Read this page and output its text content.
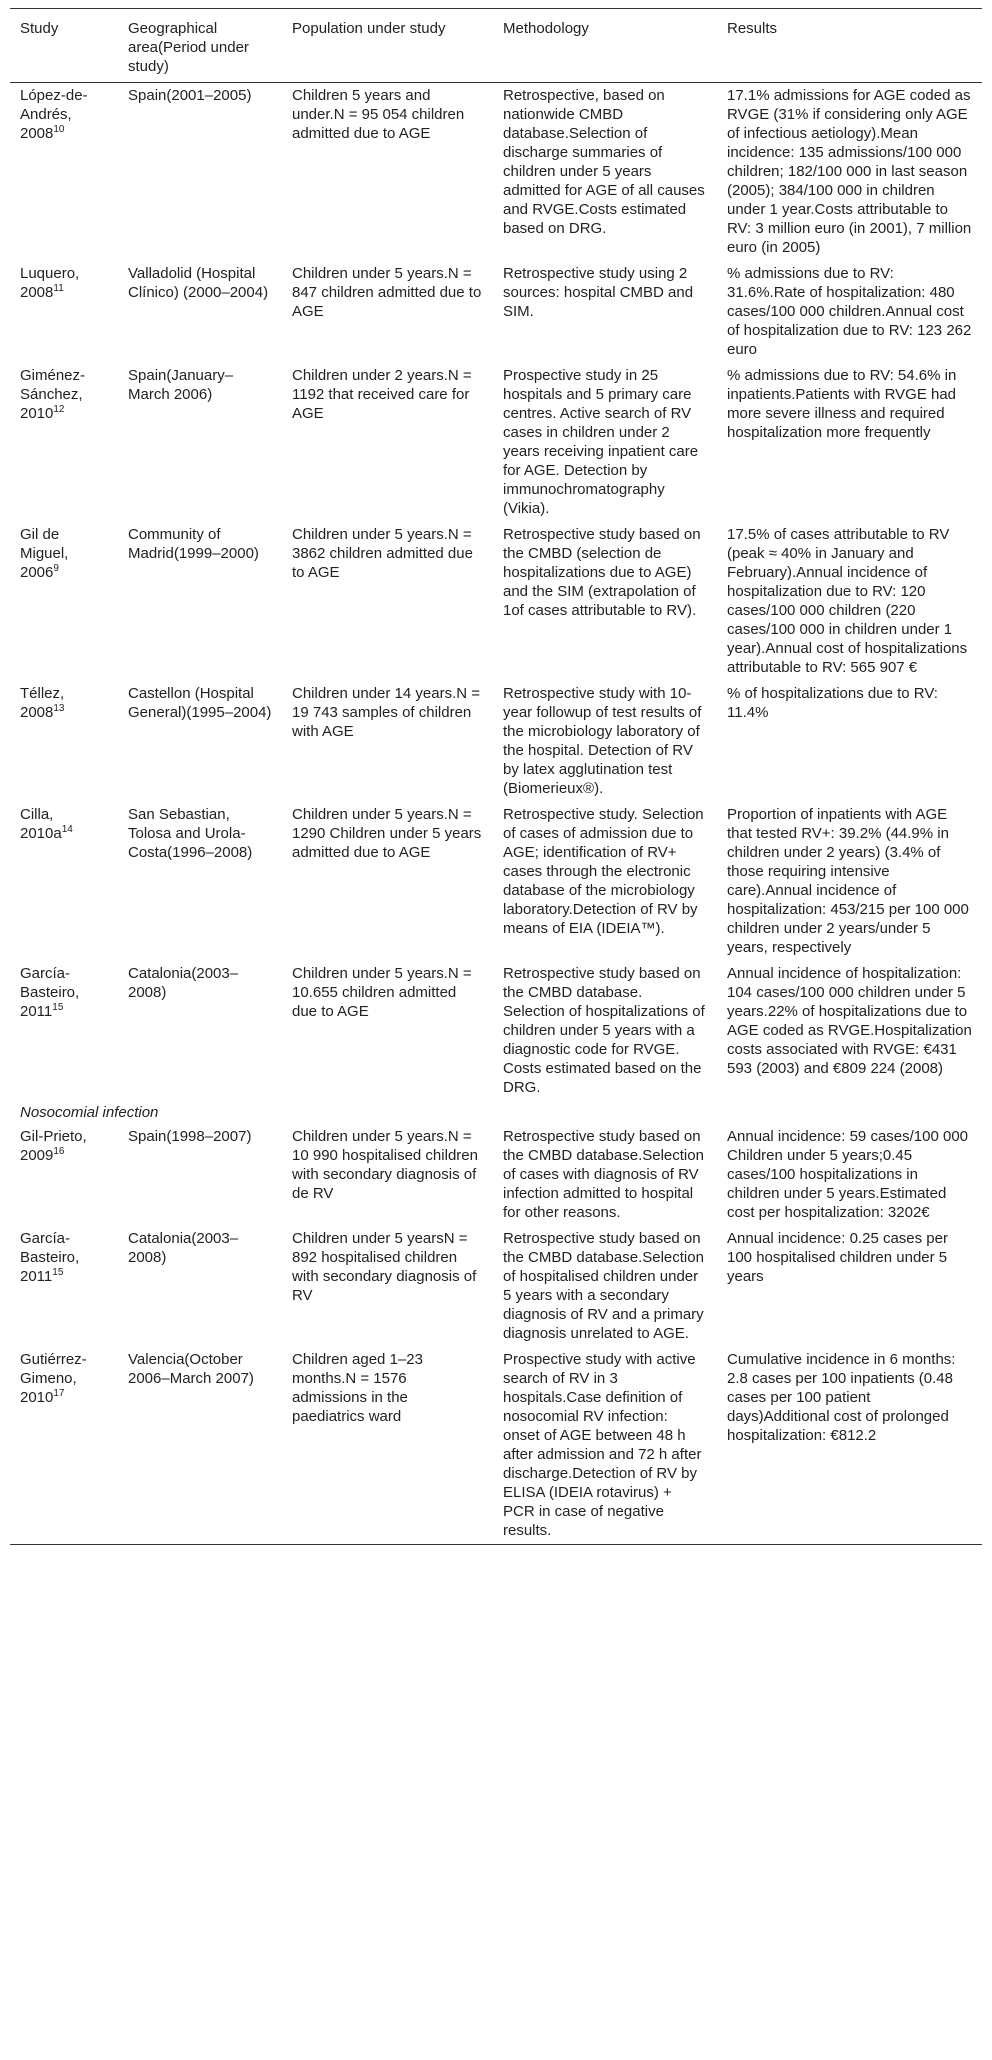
Study	Geographical area(Period under study)	Population under study	Methodology	Results
López-de-Andrés, 2008$^{10}$	Spain(2001–2005)	Children 5 years and under.N = 95 054 children admitted due to AGE	Retrospective, based on nationwide CMBD database.Selection of discharge summaries of children under 5 years admitted for AGE of all causes and RVGE.Costs estimated based on DRG.	17.1% admissions for AGE coded as RVGE (31% if considering only AGE of infectious aetiology).Mean incidence: 135 admissions/100 000 children; 182/100 000 in last season (2005); 384/100 000 in children under 1 year.Costs attributable to RV: 3 million euro (in 2001), 7 million euro (in 2005)
Luquero, 2008$^{11}$	Valladolid (Hospital Clínico) (2000–2004)	Children under 5 years.N = 847 children admitted due to AGE	Retrospective study using 2 sources: hospital CMBD and SIM.	% admissions due to RV: 31.6%.Rate of hospitalization: 480 cases/100 000 children.Annual cost of hospitalization due to RV: 123 262 euro
Giménez-Sánchez, 2010$^{12}$	Spain(January–March 2006)	Children under 2 years.N = 1192 that received care for AGE	Prospective study in 25 hospitals and 5 primary care centres. Active search of RV cases in children under 2 years receiving inpatient care for AGE. Detection by immunochromatography (Vikia).	% admissions due to RV: 54.6% in inpatients.Patients with RVGE had more severe illness and required hospitalization more frequently
Gil de Miguel, 2006$^9$	Community of Madrid(1999–2000)	Children under 5 years.N = 3862 children admitted due to AGE	Retrospective study based on the CMBD (selection de hospitalizations due to AGE) and the SIM (extrapolation of 1of cases attributable to RV).	17.5% of cases attributable to RV (peak ≈ 40% in January and February).Annual incidence of hospitalization due to RV: 120 cases/100 000 children (220 cases/100 000 in children under 1 year).Annual cost of hospitalizations attributable to RV: 565 907 €
Téllez, 2008$^{13}$	Castellon (Hospital General)(1995–2004)	Children under 14 years.N = 19 743 samples of children with AGE	Retrospective study with 10-year followup of test results of the microbiology laboratory of the hospital. Detection of RV by latex agglutination test (Biomerieux®).	% of hospitalizations due to RV: 11.4%
Cilla, $2010a^{14}$	San Sebastian, Tolosa and Urola-Costa(1996–2008)	Children under 5 years.N = 1290 Children under 5 years admitted due to AGE	Retrospective study. Selection of cases of admission due to AGE; identification of RV+ cases through the electronic database of the microbiology laboratory.Detection of RV by means of EIA (IDEIA™).	Proportion of inpatients with AGE that tested RV+: 39.2% (44.9% in children under 2 years) (3.4% of those requiring intensive care).Annual incidence of hospitalization: 453/215 per 100 000 children under 2 years/under 5 years, respectively
García-Basteiro, 2011$^{15}$	Catalonia(2003–2008)	Children under 5 years.N = 10.655 children admitted due to AGE	Retrospective study based on the CMBD database. Selection of hospitalizations of children under 5 years with a diagnostic code for RVGE. Costs estimated based on the DRG.	Annual incidence of hospitalization: 104 cases/100 000 children under 5 years.22% of hospitalizations due to AGE coded as RVGE.Hospitalization costs associated with RVGE: €431 593 (2003) and €809 224 (2008)
Nosocomial infection				
Gil-Prieto, 2009$^{16}$	Spain(1998–2007)	Children under 5 years.N = 10 990 hospitalised children with secondary diagnosis of de RV	Retrospective study based on the CMBD database.Selection of cases with diagnosis of RV infection admitted to hospital for other reasons.	Annual incidence: 59 cases/100 000 Children under 5 years;0.45 cases/100 hospitalizations in children under 5 years.Estimated cost per hospitalization: 3202€
García-Basteiro, 2011$^{15}$	Catalonia(2003–2008)	Children under 5 yearsN = 892 hospitalised children with secondary diagnosis of RV	Retrospective study based on the CMBD database.Selection of hospitalised children under 5 years with a secondary diagnosis of RV and a primary diagnosis unrelated to AGE.	Annual incidence: 0.25 cases per 100 hospitalised children under 5 years
Gutiérrez-Gimeno, 2010$^{17}$	Valencia(October 2006–March 2007)	Children aged 1–23 months.N = 1576 admissions in the paediatrics ward	Prospective study with active search of RV in 3 hospitals.Case definition of nosocomial RV infection: onset of AGE between 48 h after admission and 72 h after discharge.Detection of RV by ELISA (IDEIA rotavirus) + PCR in case of negative results.	Cumulative incidence in 6 months: 2.8 cases per 100 inpatients (0.48 cases per 100 patient days)Additional cost of prolonged hospitalization: €812.2
